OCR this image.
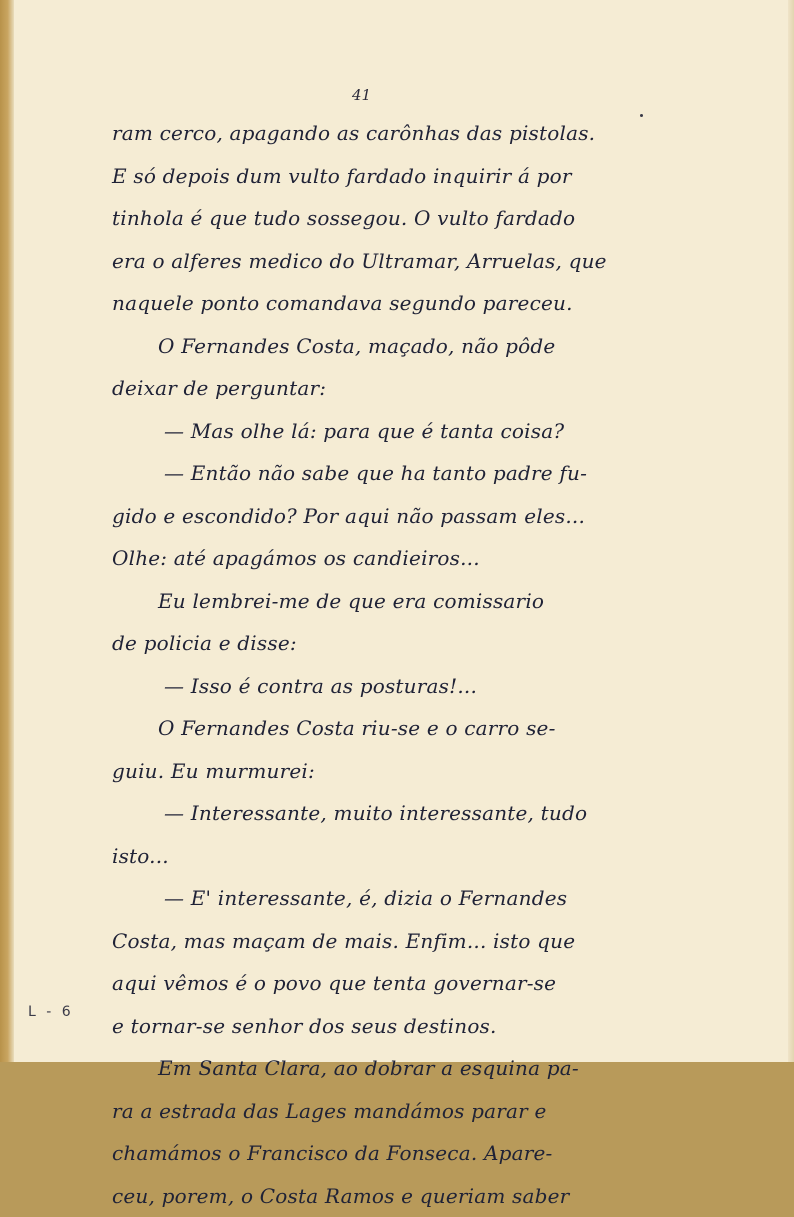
41
ram cerco, apagando as carônhas das pistolas.
E só depois dum vulto fardado inquirir á por
tinhola é que tudo sossegou. O vulto fardado
era o alferes medico do Ultramar, Arruelas, que
naquele ponto comandava segundo pareceu.
O Fernandes Costa, maçado, não pôde
deixar de perguntar:
— Mas olhe lá: para que é tanta coisa?
— Então não sabe que ha tanto padre fu-
gido e escondido? Por aqui não passam eles...
Olhe: até apagámos os candieiros...
Eu lembrei-me de que era comissario
de policia e disse:
— Isso é contra as posturas!...
O Fernandes Costa riu-se e o carro se-
guiu. Eu murmurei:
— Interessante, muito interessante, tudo
isto...
— E' interessante, é, dizia o Fernandes
Costa, mas maçam de mais. Enfim... isto que
aqui vêmos é o povo que tenta governar-se
e tornar-se senhor dos seus destinos.
Em Santa Clara, ao dobrar a esquina pa-
ra a estrada das Lages mandámos parar e
chamámos o Francisco da Fonseca. Apare-
ceu, porem, o Costa Ramos e queriam saber
L - 6
